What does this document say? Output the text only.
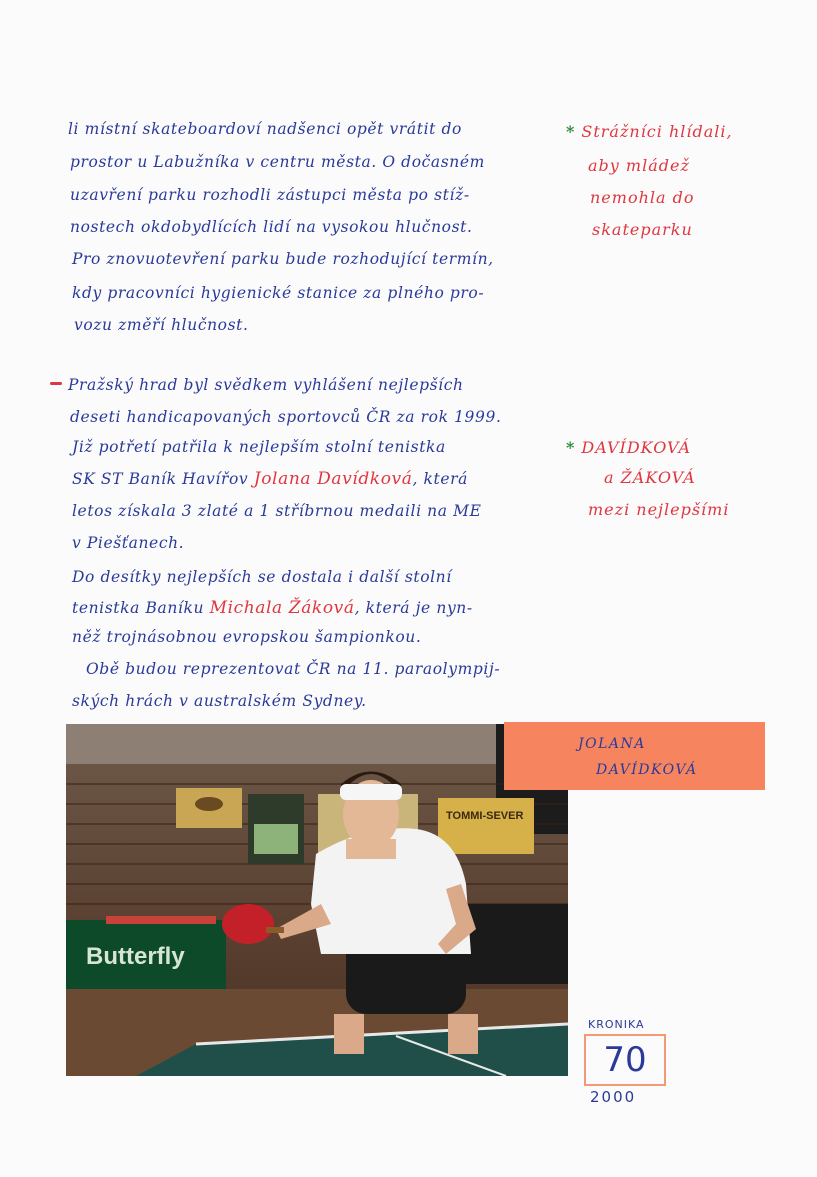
li místní skateboardoví nadšenci opět vrátit do
prostor u Labužníka v centru města. O dočasném
uzavření parku rozhodli zástupci města po stíž-
nostech okdobydlících lidí na vysokou hlučnost.
Pro znovuotevření parku bude rozhodující termín,
kdy pracovníci hygienické stanice za plného pro-
vozu změří hlučnost.
* Strážníci hlídali,
aby mládež
nemohla do
skateparku
Pražský hrad byl svědkem vyhlášení nejlepších
deseti handicapovaných sportovců ČR za rok 1999.
Již potřetí patřila k nejlepším stolní tenistka
SK ST Baník Havířov Jolana Davídková, která
letos získala 3 zlaté a 1 stříbrnou medaili na ME
v Piešťanech.
* DAVÍDKOVÁ
a ŽÁKOVÁ
mezi nejlepšími
Do desítky nejlepších se dostala i další stolní
tenistka Baníku Michala Žáková, která je nyn-
něž trojnásobnou evropskou šampionkou.
Obě budou reprezentovat ČR na 11. paraolympij-
ských hrách v australském Sydney.
TOMMI-SEVER
Butterfly
JOLANA
DAVÍDKOVÁ
KRONIKA
70
2000
